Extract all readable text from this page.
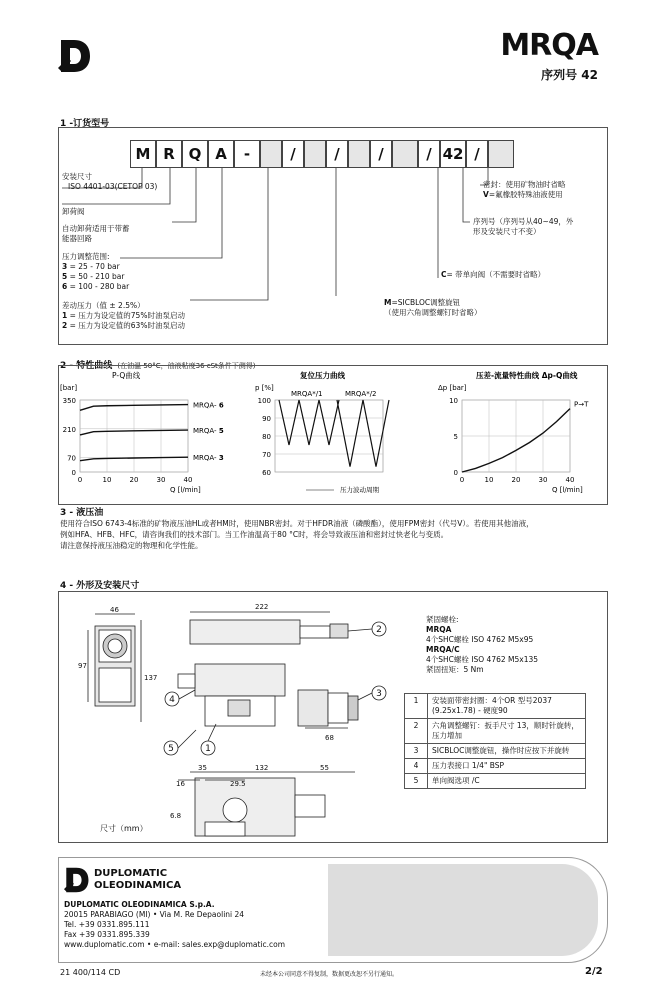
MRQA
序列号 42
1 -订货型号
M R Q A	-	/	/	/	/ 42 /
安装尺寸
ISO 4401-03(CETOP 03)
卸荷阀
自动卸荷适用于带蓄
能器回路
压力调整范围:
3 = 25 - 70 bar
5 = 50 - 210 bar
6 = 100 - 280 bar
差动压力（值 ± 2.5%）
1 = 压力为设定值的75%时油泵启动
2 = 压力为设定值的63%时油泵启动
密封：使用矿物油时省略
V=氟橡胶特殊油液使用
序列号（序列号从40~49，外
形及安装尺寸不变）
C= 带单向阀（不需要时省略）
M=SICBLOC调整旋钮
（使用六角调整螺钉时省略）
2 - 特性曲线 (在油温 50°C，油液粘度36 cSt条件下测得)
0	10	20	30	40
0
70
210
350
[bar]
Q [l/min]
P-Q曲线
MRQA- 6
MRQA- 5
MRQA- 3
60
70
80
90
100
p [%]
复位压力曲线
MRQA*/1	MRQA*/2
压力波动周期
0	10	20	30	40
0
5
10
Δp [bar]
Q [l/min]
压差-流量特性曲线 Δp-Q曲线
P→T
3 - 液压油
使用符合ISO 6743-4标准的矿物液压油HL或者HM时，使用NBR密封。对于HFDR油液（磷酸酯），使用FPM密封（代号V）。若使用其他油液，
例如HFA、HFB、HFC，请咨询我们的技术部门。当工作油温高于80 °C时，将会导致液压油和密封过快老化与变质。
请注意保持液压油稳定的物理和化学性能。
4 - 外形及安装尺寸
46	222
97
137
68
35	132	55
16	29.5
6.8
2
3
4
5	1
尺寸（mm）
紧固螺栓:
MRQA
4个SHC螺栓 ISO 4762 M5x95
MRQA/C
4个SHC螺栓 ISO 4762 M5x135
紧固扭矩：5 Nm
1	安装面带密封圈：4个OR 型号2037 (9.25x1.78) - 硬度90
2	六角调整螺钉：扳手尺寸 13，顺时针旋转，压力增加
3	SICBLOC调整旋钮，操作时应按下并旋转
4	压力表接口 1/4" BSP
5	单向阀选项 /C
DUPLOMATIC
OLEODINAMICA
DUPLOMATIC OLEODINAMICA S.p.A.
20015 PARABIAGO (MI) • Via M. Re Depaolini 24
Tel. +39 0331.895.111
Fax +39 0331.895.339
www.duplomatic.com • e-mail: sales.exp@duplomatic.com
21 400/114 CD	未经本公司同意不得复制，数据更改恕不另行通知。	2/2
